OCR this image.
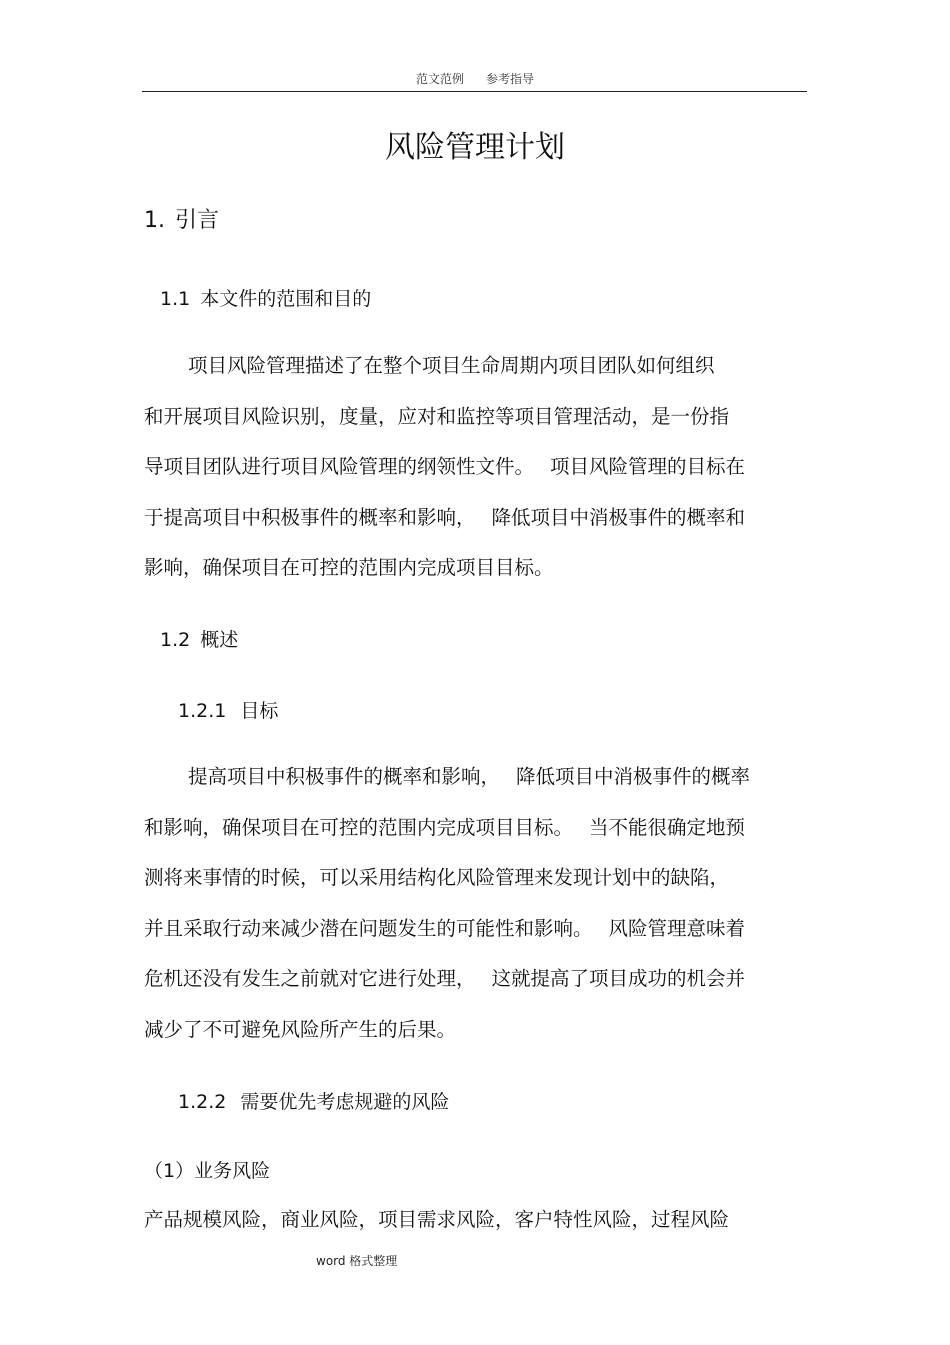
范文范例 参考指导
风险管理计划
1. 引言
1.1 本文件的范围和目的
项目风险管理描述了在整个项目生命周期内项目团队如何组织
和开展项目风险识别，度量，应对和监控等项目管理活动，是一份指
导项目团队进行项目风险管理的纲领性文件。　 项目风险管理的目标在
于提高项目中积极事件的概率和影响，　 降低项目中消极事件的概率和
影响，确保项目在可控的范围内完成项目目标。
1.2 概述
1.2.1 目标
提高项目中积极事件的概率和影响，　 降低项目中消极事件的概率
和影响，确保项目在可控的范围内完成项目目标。　 当不能很确定地预
测将来事情的时候，可以采用结构化风险管理来发现计划中的缺陷，
并且采取行动来减少潜在问题发生的可能性和影响。　 风险管理意味着
危机还没有发生之前就对它进行处理，　 这就提高了项目成功的机会并
减少了不可避免风险所产生的后果。
1.2.2 需要优先考虑规避的风险
（1）业务风险
产品规模风险，商业风险，项目需求风险，客户特性风险，过程风险
word 格式整理
